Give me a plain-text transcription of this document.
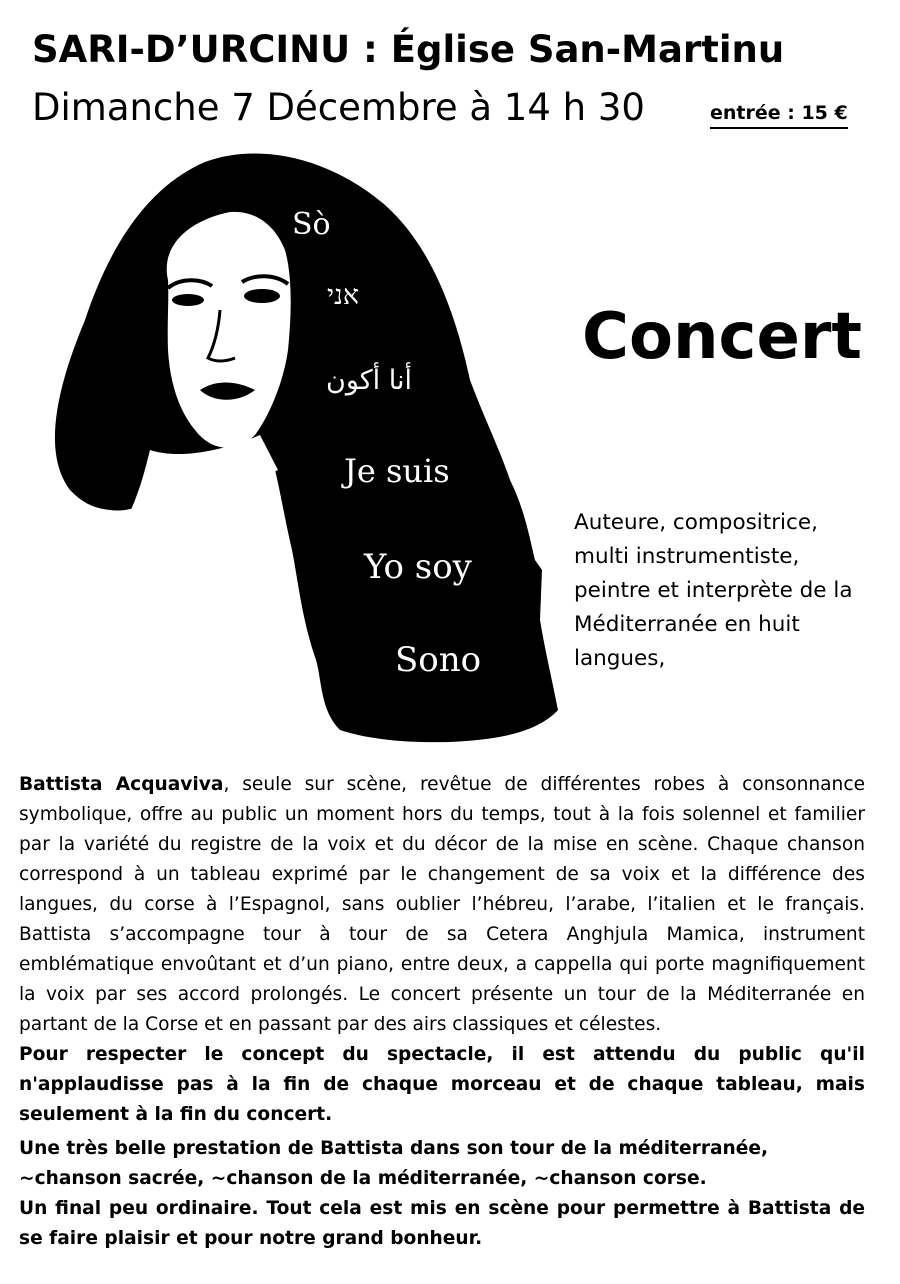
SARI-D’URCINU : Église San-Martinu
Dimanche 7 Décembre à 14 h 30	entrée : 15 €
Sò
אני
أنا أكون
Je suis
Yo soy
Sono
Concert
Auteure, compositrice, multi instrumentiste, peintre et interprète de la Méditerranée en huit langues,

Battista Acquaviva, seule sur scène, revêtue de différentes robes à consonnance symbolique, offre au public un moment hors du temps, tout à la fois solennel et familier par la variété du registre de la voix et du décor de la mise en scène. Chaque chanson correspond à un tableau exprimé par le changement de sa voix et la différence des langues, du corse à l’Espagnol, sans oublier l’hébreu, l’arabe, l’italien et le français. Battista s’accompagne tour à tour de sa Cetera Anghjula Mamica, instrument emblématique envoûtant et d’un piano, entre deux, a cappella qui porte magnifiquement la voix par ses accord prolongés. Le concert présente un tour de la Méditerranée en partant de la Corse et en passant par des airs classiques et célestes.

Pour respecter le concept du spectacle, il est attendu du public qu'il n'applaudisse pas à la fin de chaque morceau et de chaque tableau, mais seulement à la fin du concert.

Une très belle prestation de Battista dans son tour de la méditerranée,

~chanson sacrée, ~chanson de la méditerranée, ~chanson corse.

Un final peu ordinaire. Tout cela est mis en scène pour permettre à Battista de se faire plaisir et pour notre grand bonheur.
